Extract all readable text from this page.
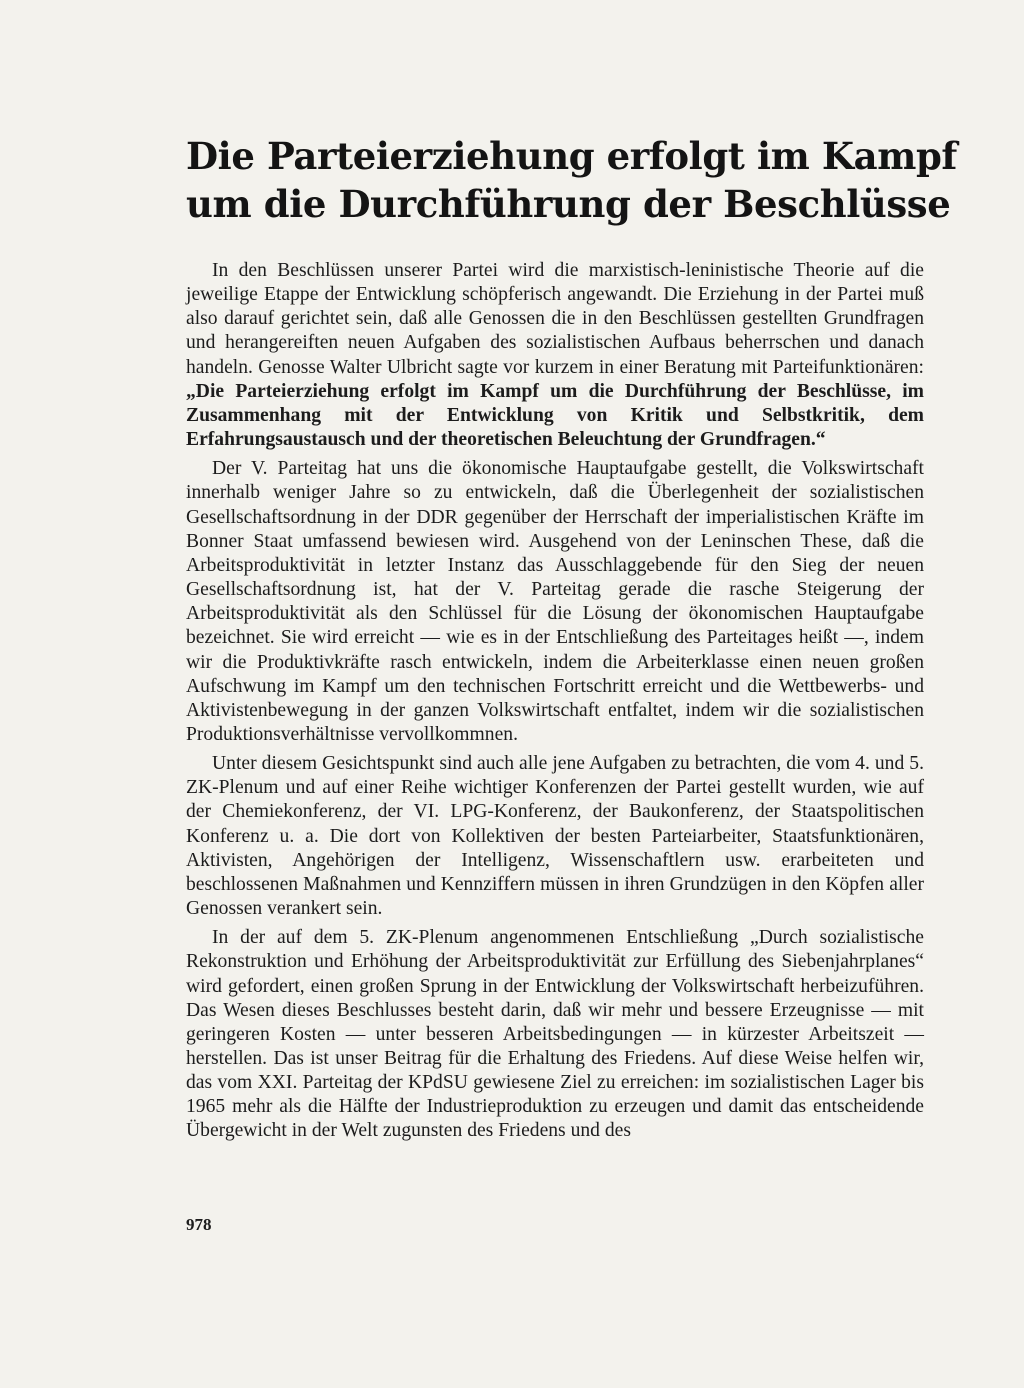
Die Parteierziehung erfolgt im Kampf
um die Durchführung der Beschlüsse

In den Beschlüssen unserer Partei wird die marxistisch-leninistische Theorie auf die jeweilige Etappe der Entwicklung schöpferisch angewandt. Die Erziehung in der Partei muß also darauf gerichtet sein, daß alle Genossen die in den Beschlüssen gestellten Grundfragen und herangereiften neuen Aufgaben des sozialistischen Aufbaus beherrschen und danach handeln. Genosse Walter Ulbricht sagte vor kurzem in einer Beratung mit Parteifunktionären: „Die Parteierziehung erfolgt im Kampf um die Durchführung der Beschlüsse, im Zusammenhang mit der Entwicklung von Kritik und Selbstkritik, dem Erfahrungsaustausch und der theoretischen Beleuchtung der Grundfragen.“

Der V. Parteitag hat uns die ökonomische Hauptaufgabe gestellt, die Volkswirtschaft innerhalb weniger Jahre so zu entwickeln, daß die Überlegenheit der sozialistischen Gesellschaftsordnung in der DDR gegenüber der Herrschaft der imperialistischen Kräfte im Bonner Staat umfassend bewiesen wird. Ausgehend von der Leninschen These, daß die Arbeitsproduktivität in letzter Instanz das Ausschlaggebende für den Sieg der neuen Gesellschaftsordnung ist, hat der V. Parteitag gerade die rasche Steigerung der Arbeitsproduktivität als den Schlüssel für die Lösung der ökonomischen Hauptaufgabe bezeichnet. Sie wird erreicht — wie es in der Entschließung des Parteitages heißt —, indem wir die Produktivkräfte rasch entwickeln, indem die Arbeiterklasse einen neuen großen Aufschwung im Kampf um den technischen Fortschritt erreicht und die Wettbewerbs- und Aktivistenbewegung in der ganzen Volkswirtschaft entfaltet, indem wir die sozialistischen Produktionsverhältnisse vervollkommnen.

Unter diesem Gesichtspunkt sind auch alle jene Aufgaben zu betrachten, die vom 4. und 5. ZK-Plenum und auf einer Reihe wichtiger Konferenzen der Partei gestellt wurden, wie auf der Chemiekonferenz, der VI. LPG-Konferenz, der Baukonferenz, der Staatspolitischen Konferenz u. a. Die dort von Kollektiven der besten Parteiarbeiter, Staatsfunktionären, Aktivisten, Angehörigen der Intelligenz, Wissenschaftlern usw. erarbeiteten und beschlossenen Maßnahmen und Kennziffern müssen in ihren Grundzügen in den Köpfen aller Genossen verankert sein.

In der auf dem 5. ZK-Plenum angenommenen Entschließung „Durch sozialistische Rekonstruktion und Erhöhung der Arbeitsproduktivität zur Erfüllung des Siebenjahrplanes“ wird gefordert, einen großen Sprung in der Entwicklung der Volkswirtschaft herbeizuführen. Das Wesen dieses Beschlusses besteht darin, daß wir mehr und bessere Erzeugnisse — mit geringeren Kosten — unter besseren Arbeitsbedingungen — in kürzester Arbeitszeit — herstellen. Das ist unser Beitrag für die Erhaltung des Friedens. Auf diese Weise helfen wir, das vom XXI. Parteitag der KPdSU gewiesene Ziel zu erreichen: im sozialistischen Lager bis 1965 mehr als die Hälfte der Industrieproduktion zu erzeugen und damit das entscheidende Übergewicht in der Welt zugunsten des Friedens und des

978
